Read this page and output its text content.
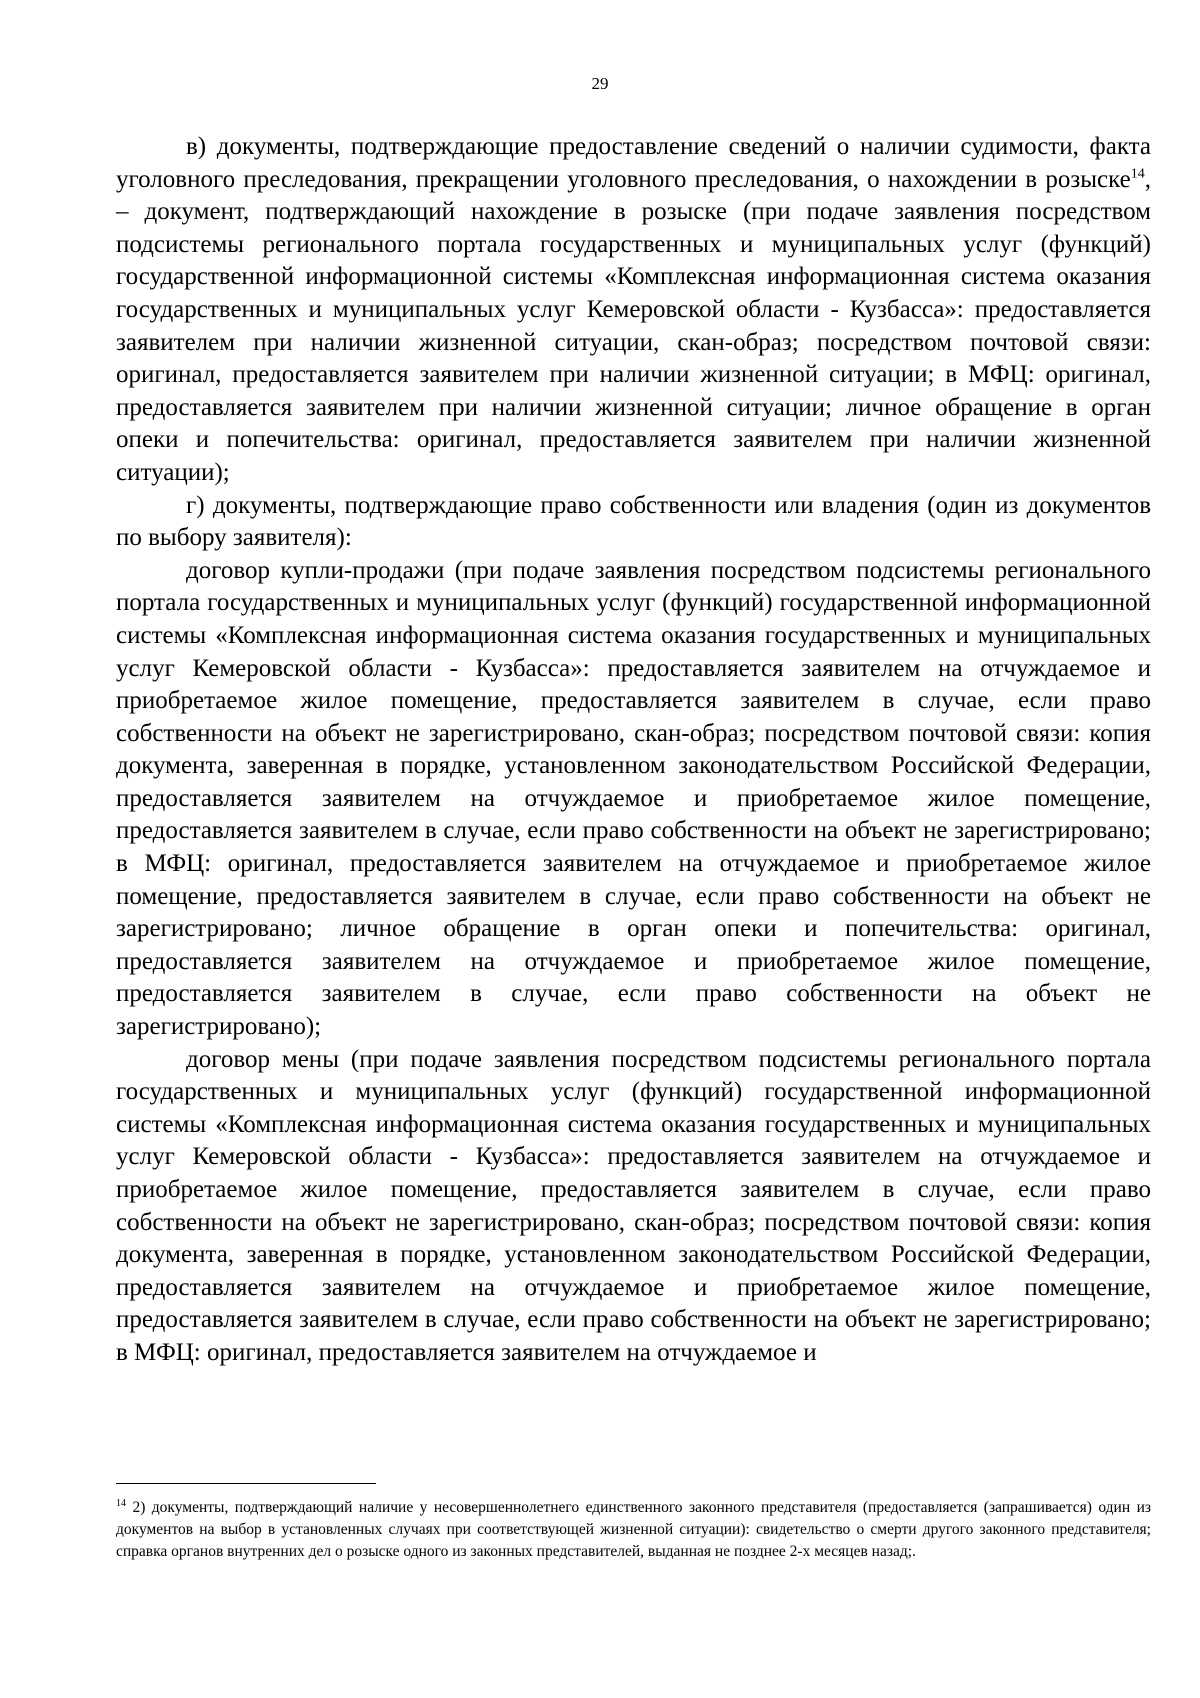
29

в) документы, подтверждающие предоставление сведений о наличии судимости, факта уголовного преследования, прекращении уголовного преследования, о нахождении в розыске$^{14}$, – документ, подтверждающий нахождение в розыске (при подаче заявления посредством подсистемы регионального портала государственных и муниципальных услуг (функций) государственной информационной системы «Комплексная информационная система оказания государственных и муниципальных услуг Кемеровской области - Кузбасса»: предоставляется заявителем при наличии жизненной ситуации, скан-образ; посредством почтовой связи: оригинал, предоставляется заявителем при наличии жизненной ситуации; в МФЦ: оригинал, предоставляется заявителем при наличии жизненной ситуации; личное обращение в орган опеки и попечительства: оригинал, предоставляется заявителем при наличии жизненной ситуации);

г) документы, подтверждающие право собственности или владения (один из документов по выбору заявителя):

договор купли-продажи (при подаче заявления посредством подсистемы регионального портала государственных и муниципальных услуг (функций) государственной информационной системы «Комплексная информационная система оказания государственных и муниципальных услуг Кемеровской области - Кузбасса»: предоставляется заявителем на отчуждаемое и приобретаемое жилое помещение, предоставляется заявителем в случае, если право собственности на объект не зарегистрировано, скан-образ; посредством почтовой связи: копия документа, заверенная в порядке, установленном законодательством Российской Федерации, предоставляется заявителем на отчуждаемое и приобретаемое жилое помещение, предоставляется заявителем в случае, если право собственности на объект не зарегистрировано; в МФЦ: оригинал, предоставляется заявителем на отчуждаемое и приобретаемое жилое помещение, предоставляется заявителем в случае, если право собственности на объект не зарегистрировано; личное обращение в орган опеки и попечительства: оригинал, предоставляется заявителем на отчуждаемое и приобретаемое жилое помещение, предоставляется заявителем в случае, если право собственности на объект не зарегистрировано);

договор мены (при подаче заявления посредством подсистемы регионального портала государственных и муниципальных услуг (функций) государственной информационной системы «Комплексная информационная система оказания государственных и муниципальных услуг Кемеровской области - Кузбасса»: предоставляется заявителем на отчуждаемое и приобретаемое жилое помещение, предоставляется заявителем в случае, если право собственности на объект не зарегистрировано, скан-образ; посредством почтовой связи: копия документа, заверенная в порядке, установленном законодательством Российской Федерации, предоставляется заявителем на отчуждаемое и приобретаемое жилое помещение, предоставляется заявителем в случае, если право собственности на объект не зарегистрировано; в МФЦ: оригинал, предоставляется заявителем на отчуждаемое и

$^{14}$ 2) документы, подтверждающий наличие у несовершеннолетнего единственного законного представителя (предоставляется (запрашивается) один из документов на выбор в установленных случаях при соответствующей жизненной ситуации): свидетельство о смерти другого законного представителя; справка органов внутренних дел о розыске одного из законных представителей, выданная не позднее 2-х месяцев назад;.
